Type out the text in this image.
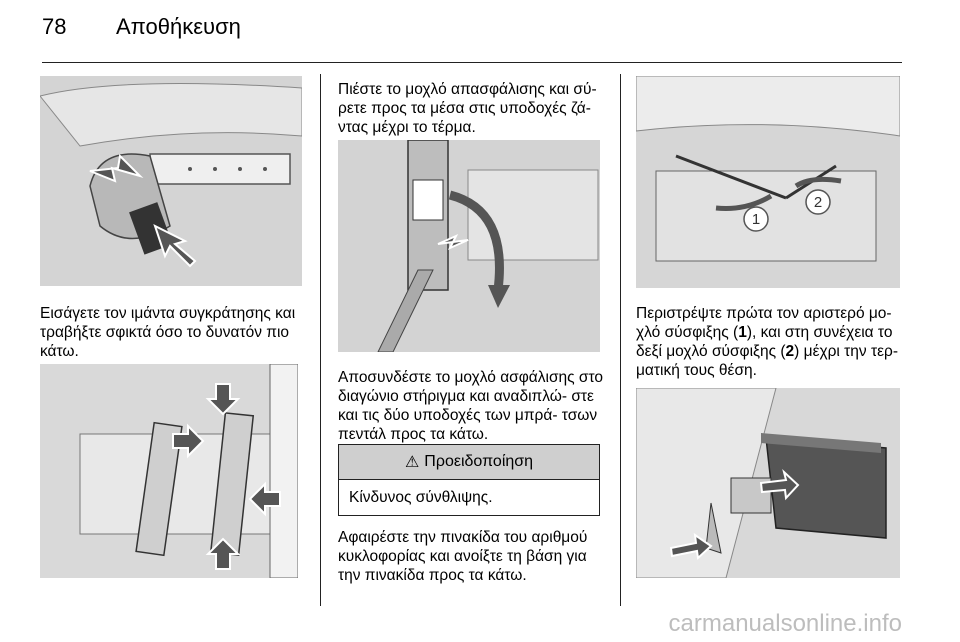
78	Αποθήκευση

Εισάγετε τον ιμάντα συγκράτησης και τραβήξτε σφικτά όσο το δυνατόν πιο κάτω.

Πιέστε το μοχλό απασφάλισης και σύ- ρετε προς τα μέσα στις υποδοχές ζά- ντας μέχρι το τέρμα.

Αποσυνδέστε το μοχλό ασφάλισης στο διαγώνιο στήριγμα και αναδιπλώ- στε και τις δύο υποδοχές των μπρά- τσων πεντάλ προς τα κάτω.

⚠ Προειδοποίηση
Κίνδυνος σύνθλιψης.

Αφαιρέστε την πινακίδα του αριθμού κυκλοφορίας και ανοίξτε τη βάση για την πινακίδα προς τα κάτω.

1
2

Περιστρέψτε πρώτα τον αριστερό μο- χλό σύσφιξης (1), και στη συνέχεια το δεξί μοχλό σύσφιξης (2) μέχρι την τερ- ματική τους θέση.

carmanualsonline.info
